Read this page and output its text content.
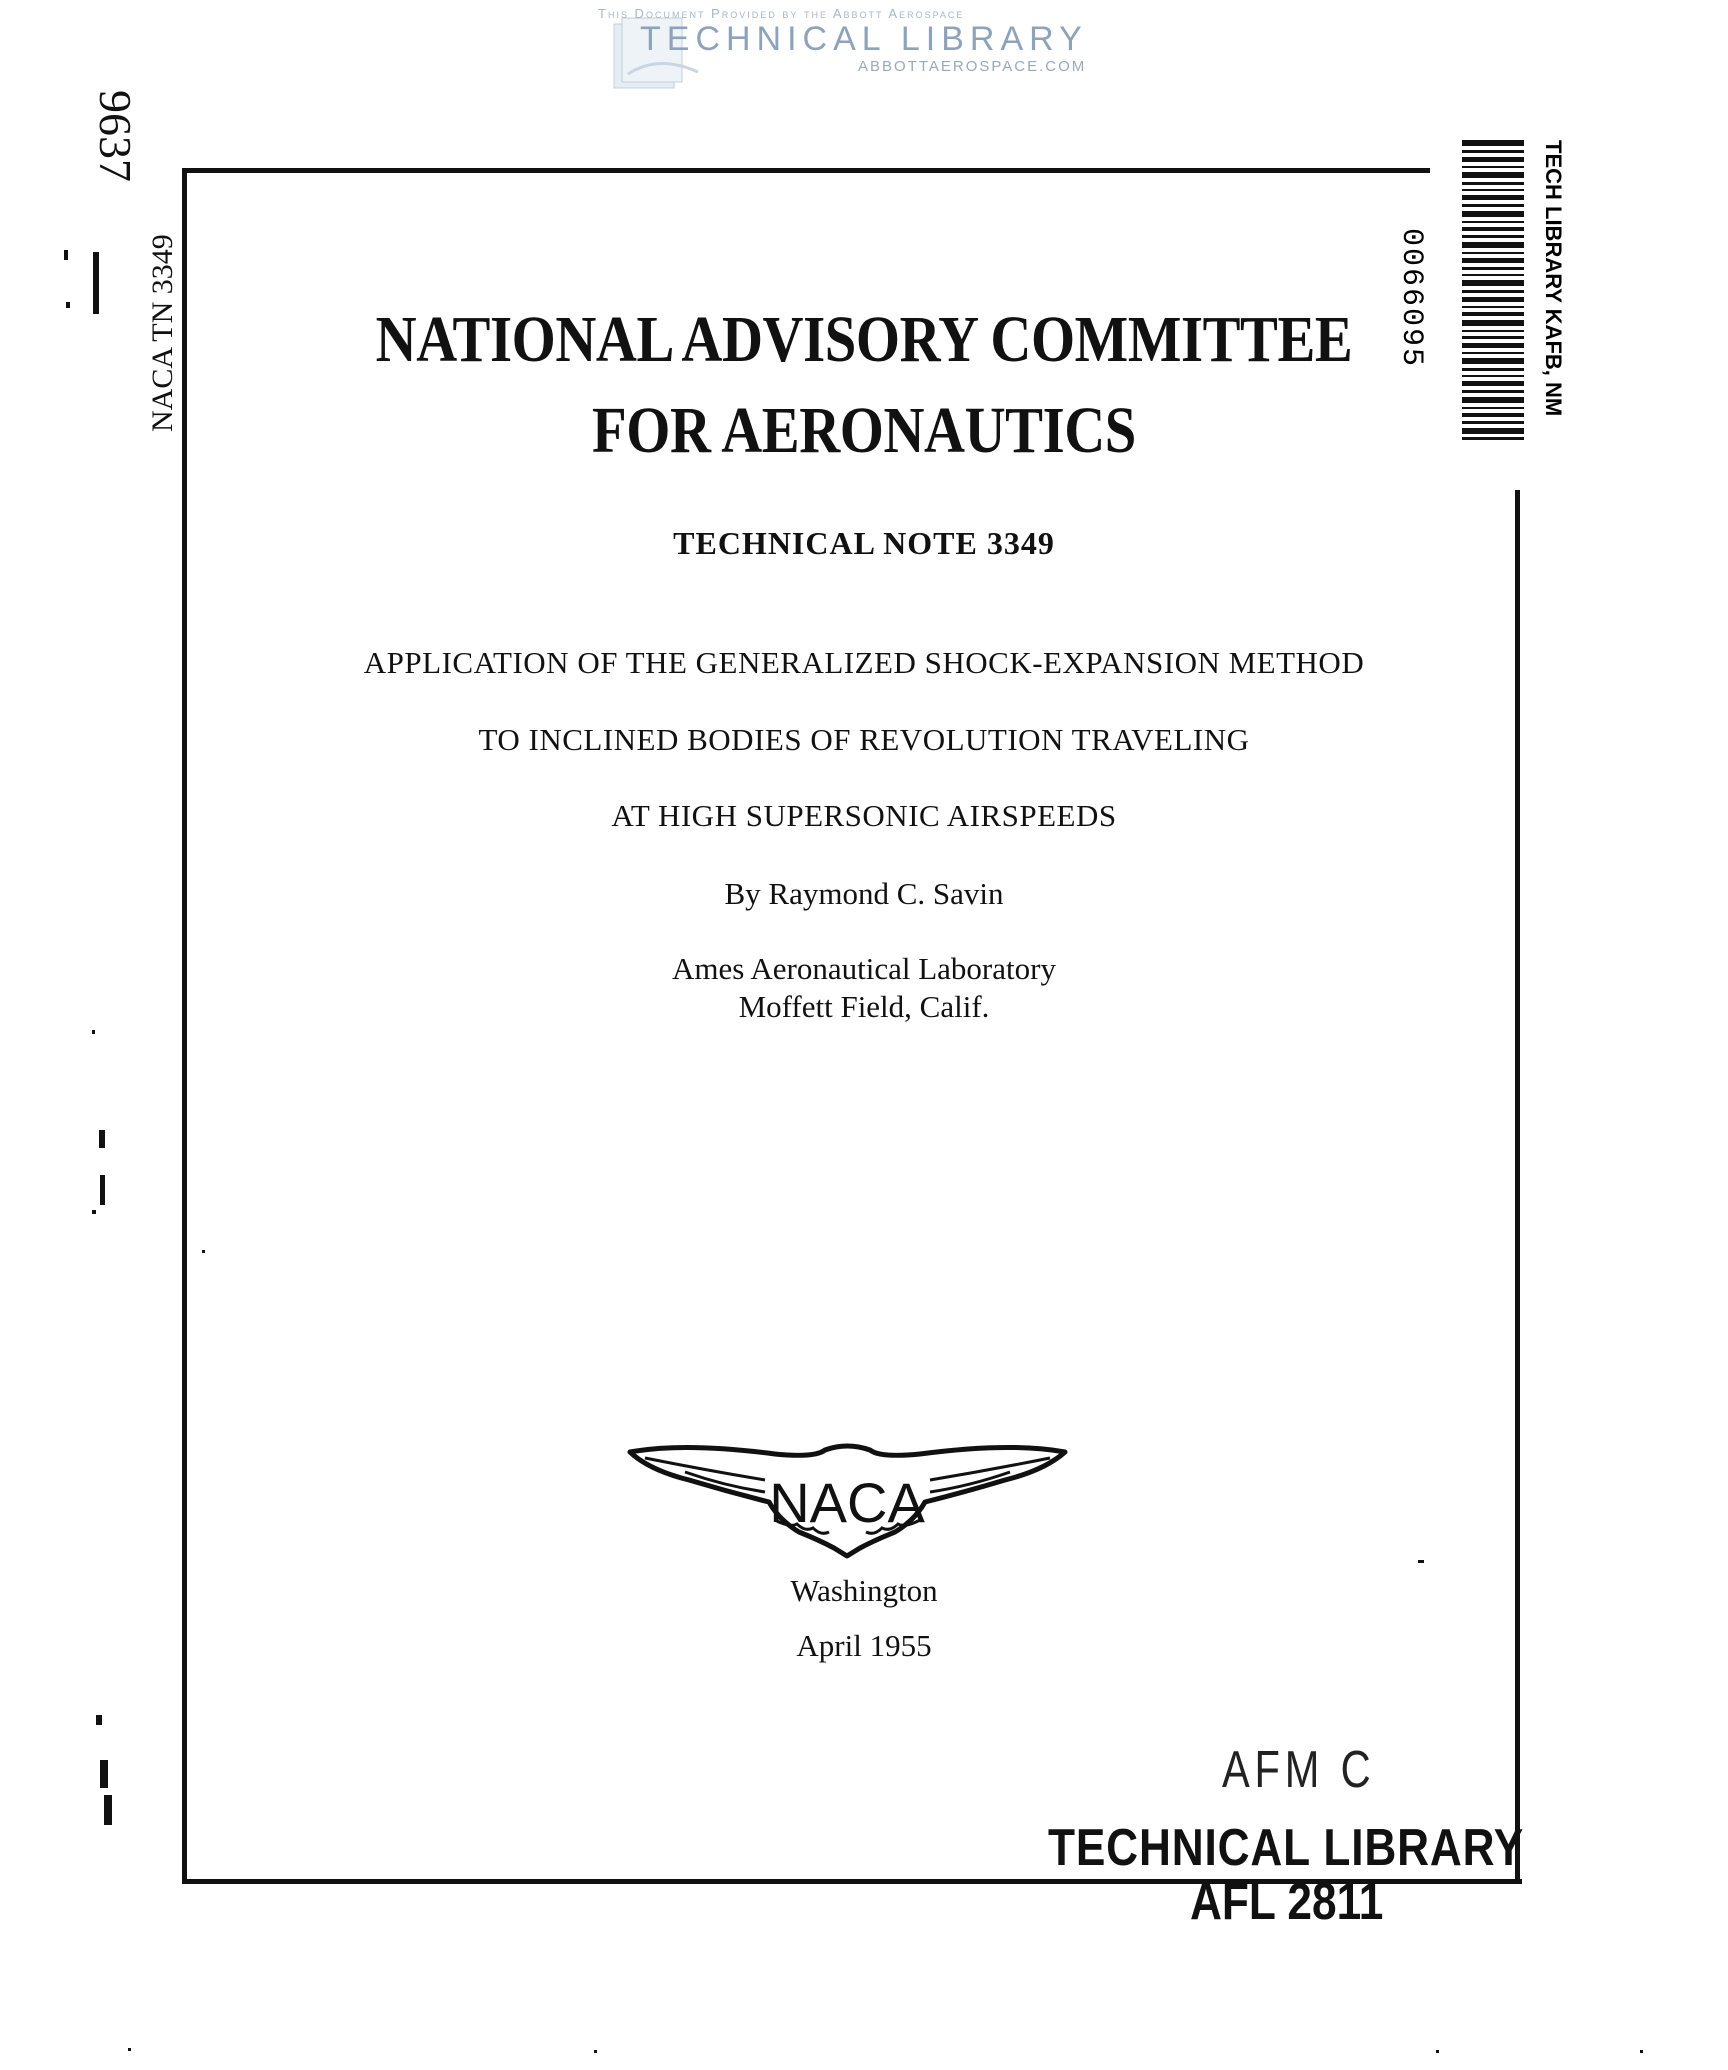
This Document Provided by the Abbott Aerospace
TECHNICAL LIBRARY
ABBOTTAEROSPACE.COM
9637
NACA TN 3349	0066095	TECH LIBRARY KAFB, NM
NATIONAL ADVISORY COMMITTEE
FOR AERONAUTICS
TECHNICAL NOTE 3349
APPLICATION OF THE GENERALIZED SHOCK-EXPANSION METHOD
TO INCLINED BODIES OF REVOLUTION TRAVELING
AT HIGH SUPERSONIC AIRSPEEDS
By Raymond C. Savin
Ames Aeronautical Laboratory
Moffett Field, Calif.
NACA
Washington
April 1955
AFM C
TECHNICAL LIBRARY
AFL 2811
